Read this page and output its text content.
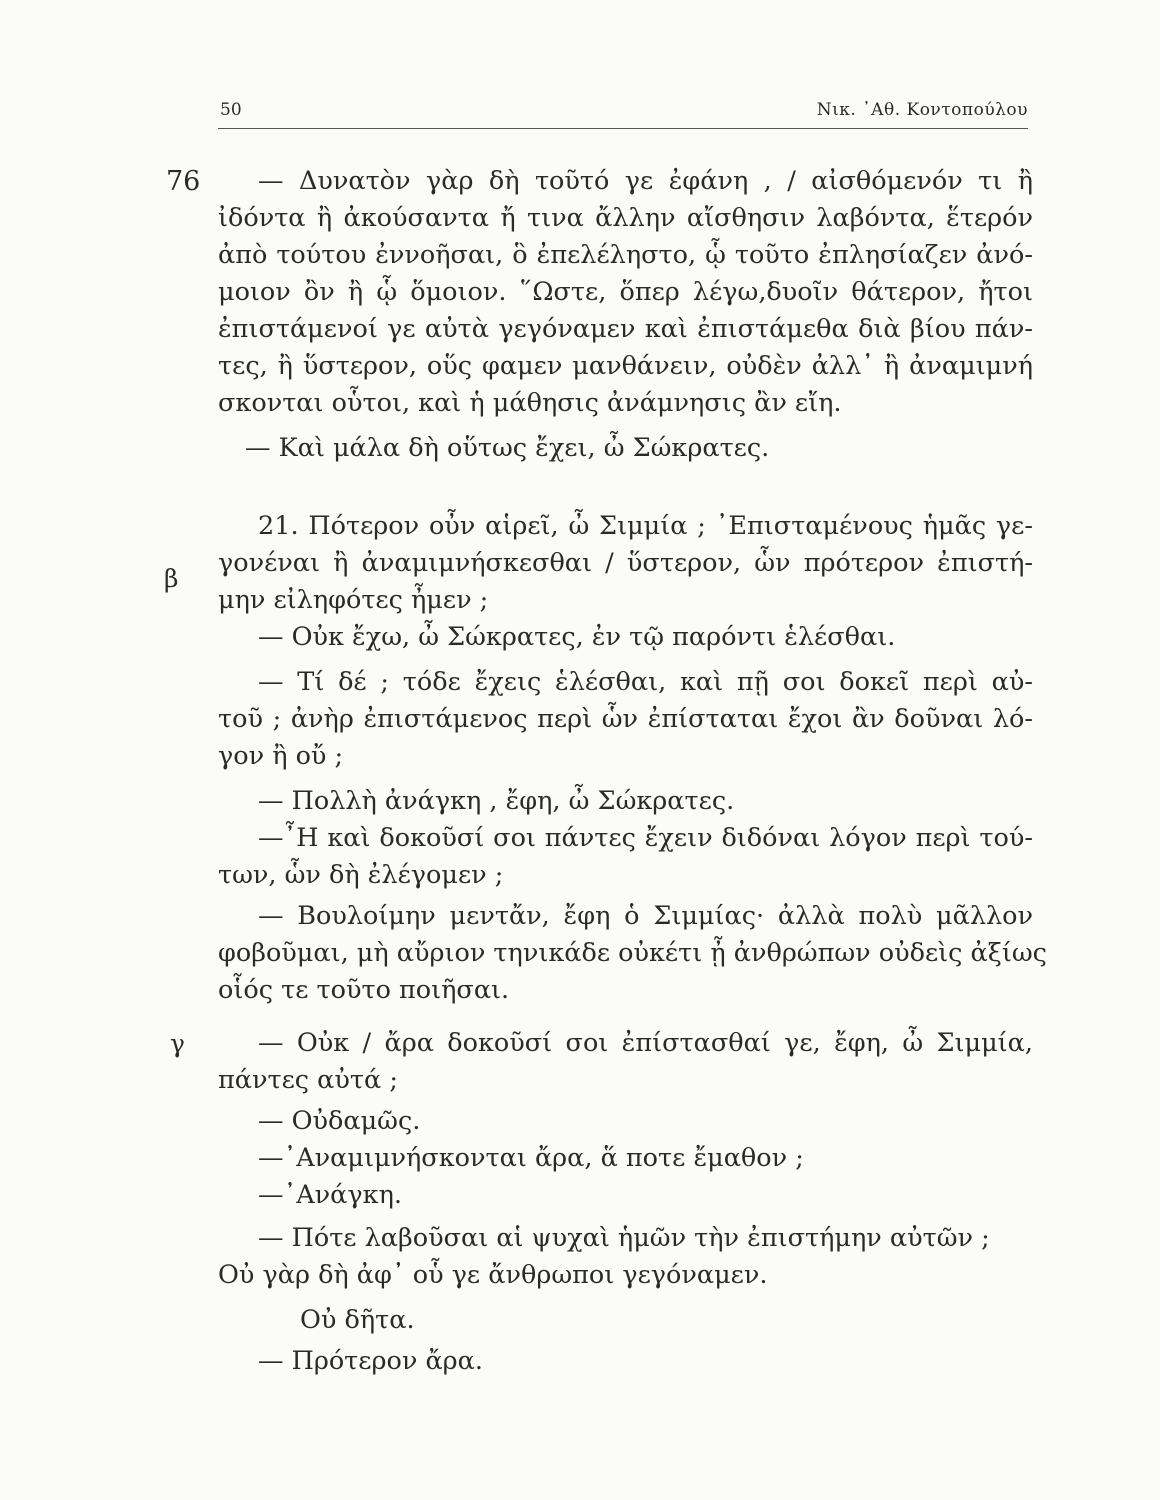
50	Νικ. ᾿Αθ. Κοντοπούλου
76
β
γ
— Δυνατὸν γὰρ δὴ τοῦτό γε ἐφάνη , / αἰσθόμενόν τι ἢ
ἰδόντα ἢ ἀκούσαντα ἤ τινα ἄλλην αἴσθησιν λαβόντα, ἕτερόν
ἀπὸ τούτου ἐννοῆσαι, ὃ ἐπελέληστο, ᾧ τοῦτο ἐπλησίαζεν ἀνό-
μοιον ὂν ἢ ᾧ ὅμοιον. ῞Ωστε, ὅπερ λέγω,δυοῖν θάτερον, ἤτοι
ἐπιστάμενοί γε αὐτὰ γεγόναμεν καὶ ἐπιστάμεθα διὰ βίου πάν-
τες, ἢ ὕστερον, οὕς φαμεν μανθάνειν, οὐδὲν ἀλλ᾿ ἢ ἀναμιμνή
σκονται οὗτοι, καὶ ἡ μάθησις ἀνάμνησις ἂν εἴη.
— Καὶ μάλα δὴ οὕτως ἔχει, ὦ Σώκρατες.
21. Πότερον οὖν αἱρεῖ, ὦ Σιμμία ; ᾿Επισταμένους ἡμᾶς γε-
γονέναι ἢ ἀναμιμνήσκεσθαι / ὕστερον, ὧν πρότερον ἐπιστή-
μην εἰληφότες ἦμεν ;
— Οὐκ ἔχω, ὦ Σώκρατες, ἐν τῷ παρόντι ἑλέσθαι.
— Τί δέ ; τόδε ἔχεις ἑλέσθαι, καὶ πῇ σοι δοκεῖ περὶ αὐ-
τοῦ ; ἀνὴρ ἐπιστάμενος περὶ ὧν ἐπίσταται ἔχοι ἂν δοῦναι λό-
γον ἢ οὔ ;
— Πολλὴ ἀνάγκη , ἔφη, ὦ Σώκρατες.
—῏Η καὶ δοκοῦσί σοι πάντες ἔχειν διδόναι λόγον περὶ τού-
των, ὧν δὴ ἐλέγομεν ;
— Βουλοίμην μεντἄν, ἔφη ὁ Σιμμίας· ἀλλὰ πολὺ μᾶλλον
φοβοῦμαι, μὴ αὔριον τηνικάδε οὐκέτι ᾖ ἀνθρώπων οὐδεὶς ἀξίως
οἷός τε τοῦτο ποιῆσαι.
— Οὐκ / ἄρα δοκοῦσί σοι ἐπίστασθαί γε, ἔφη, ὦ Σιμμία,
πάντες αὐτά ;
— Οὐδαμῶς.
—᾿Αναμιμνήσκονται ἄρα, ἅ ποτε ἔμαθον ;
—᾿Ανάγκη.
— Πότε λαβοῦσαι αἱ ψυχαὶ ἡμῶν τὴν ἐπιστήμην αὐτῶν ;
Οὐ γὰρ δὴ ἀφ᾿ οὗ γε ἄνθρωποι γεγόναμεν.
Οὐ δῆτα.
— Πρότερον ἄρα.
